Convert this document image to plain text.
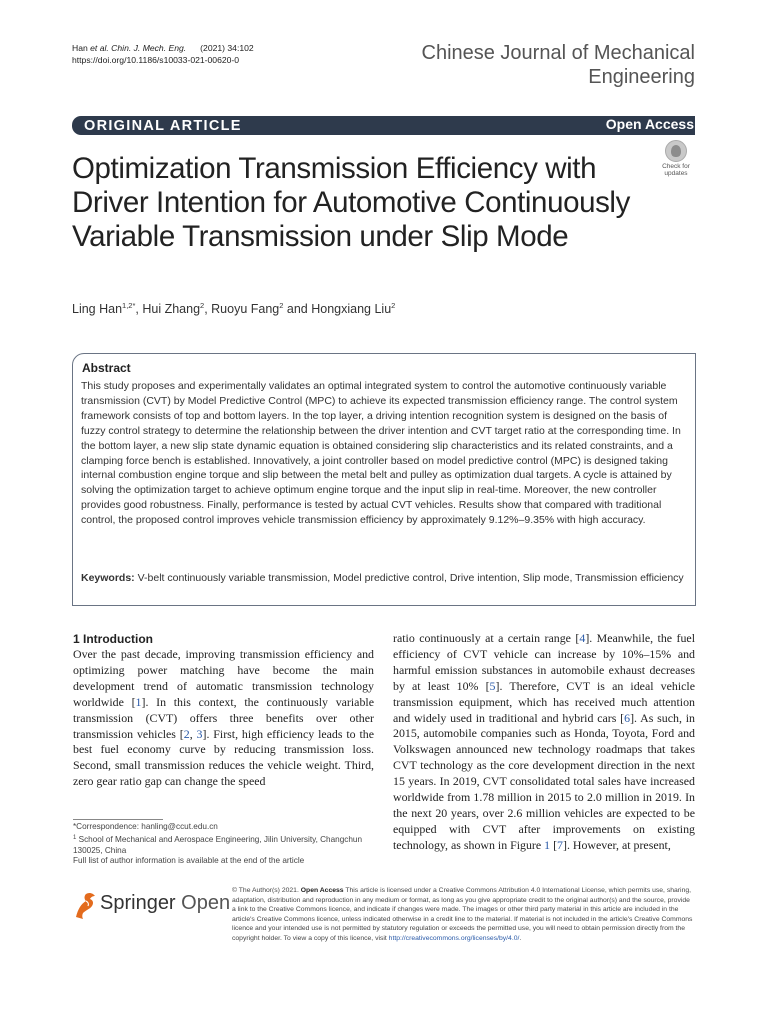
Han et al. Chin. J. Mech. Eng. (2021) 34:102
https://doi.org/10.1186/s10033-021-00620-0	Chinese Journal of Mechanical
Engineering
ORIGINAL ARTICLE	Open Access
Optimization Transmission Efficiency with Driver Intention for Automotive Continuously Variable Transmission under Slip Mode
Check for
updates
Ling Han$^{1,2*}$, Hui Zhang$^2$, Ruoyu Fang$^2$ and Hongxiang Liu$^2$
Abstract
This study proposes and experimentally validates an optimal integrated system to control the automotive continuously variable transmission (CVT) by Model Predictive Control (MPC) to achieve its expected transmission efficiency range. The control system framework consists of top and bottom layers. In the top layer, a driving intention recognition system is designed on the basis of fuzzy control strategy to determine the relationship between the driver intention and CVT target ratio at the corresponding time. In the bottom layer, a new slip state dynamic equation is obtained considering slip characteristics and its related constraints, and a clamping force bench is established. Innovatively, a joint controller based on model predictive control (MPC) is designed taking internal combustion engine torque and slip between the metal belt and pulley as optimization dual targets. A cycle is attained by solving the optimization target to achieve optimum engine torque and the input slip in real-time. Moreover, the new controller provides good robustness. Finally, performance is tested by actual CVT vehicles. Results show that compared with traditional control, the proposed control improves vehicle transmission efficiency by approximately 9.12%–9.35% with high accuracy.
Keywords: V-belt continuously variable transmission, Model predictive control, Drive intention, Slip mode, Transmission efficiency
1 Introduction
Over the past decade, improving transmission efficiency and optimizing power matching have become the main development trend of automatic transmission technology worldwide [1]. In this context, the continuously variable transmission (CVT) offers three benefits over other transmission vehicles [2, 3]. First, high efficiency leads to the best fuel economy curve by reducing transmission loss. Second, small transmission reduces the vehicle weight. Third, zero gear ratio gap can change the speed
ratio continuously at a certain range [4]. Meanwhile, the fuel efficiency of CVT vehicle can increase by 10%–15% and harmful emission substances in automobile exhaust decreases by at least 10% [5]. Therefore, CVT is an ideal vehicle transmission equipment, which has received much attention and widely used in traditional and hybrid cars [6]. As such, in 2015, automobile companies such as Honda, Toyota, Ford and Volkswagen announced new technology roadmaps that takes CVT technology as the core development direction in the next 15 years. In 2019, CVT consolidated total sales have increased worldwide from 1.78 million in 2015 to 2.0 million in 2019. In the next 20 years, over 2.6 million vehicles are expected to be equipped with CVT after improvements on existing technology, as shown in Figure 1 [7]. However, at present,
*Correspondence: hanling@ccut.edu.cn
$^1$ School of Mechanical and Aerospace Engineering, Jilin University, Changchun 130025, China
Full list of author information is available at the end of the article
Springer Open
© The Author(s) 2021. Open Access This article is licensed under a Creative Commons Attribution 4.0 International License, which permits use, sharing, adaptation, distribution and reproduction in any medium or format, as long as you give appropriate credit to the original author(s) and the source, provide a link to the Creative Commons licence, and indicate if changes were made. The images or other third party material in this article are included in the article's Creative Commons licence, unless indicated otherwise in a credit line to the material. If material is not included in the article's Creative Commons licence and your intended use is not permitted by statutory regulation or exceeds the permitted use, you will need to obtain permission directly from the copyright holder. To view a copy of this licence, visit http://creativecommons.org/licenses/by/4.0/.
